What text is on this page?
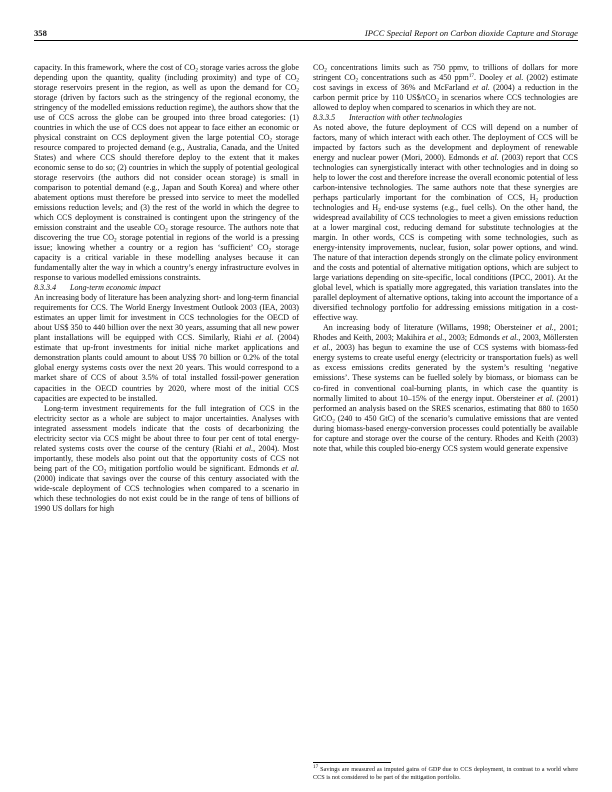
358	IPCC Special Report on Carbon dioxide Capture and Storage

capacity. In this framework, where the cost of $CO_2$ storage varies across the globe depending upon the quantity, quality (including proximity) and type of $CO_2$ storage reservoirs present in the region, as well as upon the demand for $CO_2$ storage (driven by factors such as the stringency of the regional economy, the stringency of the modelled emissions reduction regime), the authors show that the use of CCS across the globe can be grouped into three broad categories: (1) countries in which the use of CCS does not appear to face either an economic or physical constraint on CCS deployment given the large potential $CO_2$ storage resource compared to projected demand (e.g., Australia, Canada, and the United States) and where CCS should therefore deploy to the extent that it makes economic sense to do so; (2) countries in which the supply of potential geological storage reservoirs (the authors did not consider ocean storage) is small in comparison to potential demand (e.g., Japan and South Korea) and where other abatement options must therefore be pressed into service to meet the modelled emissions reduction levels; and (3) the rest of the world in which the degree to which CCS deployment is constrained is contingent upon the stringency of the emission constraint and the useable $CO_2$ storage resource. The authors note that discovering the true $CO_2$ storage potential in regions of the world is a pressing issue; knowing whether a country or a region has ‘sufficient’ $CO_2$ storage capacity is a critical variable in these modelling analyses because it can fundamentally alter the way in which a country’s energy infrastructure evolves in response to various modelled emissions constraints.

8.3.3.4 Long-term economic impact

An increasing body of literature has been analyzing short- and long-term financial requirements for CCS. The World Energy Investment Outlook 2003 (IEA, 2003) estimates an upper limit for investment in CCS technologies for the OECD of about US$ 350 to 440 billion over the next 30 years, assuming that all new power plant installations will be equipped with CCS. Similarly, Riahi et al. (2004) estimate that up-front investments for initial niche market applications and demonstration plants could amount to about US$ 70 billion or 0.2% of the total global energy systems costs over the next 20 years. This would correspond to a market share of CCS of about 3.5% of total installed fossil-power generation capacities in the OECD countries by 2020, where most of the initial CCS capacities are expected to be installed.

Long-term investment requirements for the full integration of CCS in the electricity sector as a whole are subject to major uncertainties. Analyses with integrated assessment models indicate that the costs of decarbonizing the electricity sector via CCS might be about three to four per cent of total energy-related systems costs over the course of the century (Riahi et al., 2004). Most importantly, these models also point out that the opportunity costs of CCS not being part of the $CO_2$ mitigation portfolio would be significant. Edmonds et al. (2000) indicate that savings over the course of this century associated with the wide-scale deployment of CCS technologies when compared to a scenario in which these technologies do not exist could be in the range of tens of billions of 1990 US dollars for high

$CO_2$ concentrations limits such as 750 ppmv, to trillions of dollars for more stringent $CO_2$ concentrations such as 450 ppm$^{17}$. Dooley et al. (2002) estimate cost savings in excess of 36% and McFarland et al. (2004) a reduction in the carbon permit price by 110 US$/tCO$_2$ in scenarios where CCS technologies are allowed to deploy when compared to scenarios in which they are not.

8.3.3.5 Interaction with other technologies

As noted above, the future deployment of CCS will depend on a number of factors, many of which interact with each other. The deployment of CCS will be impacted by factors such as the development and deployment of renewable energy and nuclear power (Mori, 2000). Edmonds et al. (2003) report that CCS technologies can synergistically interact with other technologies and in doing so help to lower the cost and therefore increase the overall economic potential of less carbon-intensive technologies. The same authors note that these synergies are perhaps particularly important for the combination of CCS, $H_2$ production technologies and $H_2$ end-use systems (e.g., fuel cells). On the other hand, the widespread availability of CCS technologies to meet a given emissions reduction at a lower marginal cost, reducing demand for substitute technologies at the margin. In other words, CCS is competing with some technologies, such as energy-intensity improvements, nuclear, fusion, solar power options, and wind. The nature of that interaction depends strongly on the climate policy environment and the costs and potential of alternative mitigation options, which are subject to large variations depending on site-specific, local conditions (IPCC, 2001). At the global level, which is spatially more aggregated, this variation translates into the parallel deployment of alternative options, taking into account the importance of a diversified technology portfolio for addressing emissions mitigation in a cost-effective way.

An increasing body of literature (Willams, 1998; Obersteiner et al., 2001; Rhodes and Keith, 2003; Makihira et al., 2003; Edmonds et al., 2003, Möllersten et al., 2003) has begun to examine the use of CCS systems with biomass-fed energy systems to create useful energy (electricity or transportation fuels) as well as excess emissions credits generated by the system’s resulting ‘negative emissions’. These systems can be fuelled solely by biomass, or biomass can be co-fired in conventional coal-burning plants, in which case the quantity is normally limited to about 10–15% of the energy input. Obersteiner et al. (2001) performed an analysis based on the SRES scenarios, estimating that 880 to 1650 GtCO$_2$ (240 to 450 GtC) of the scenario’s cumulative emissions that are vented during biomass-based energy-conversion processes could potentially be available for capture and storage over the course of the century. Rhodes and Keith (2003) note that, while this coupled bio-energy CCS system would generate expensive

$^{17}$ Savings are measured as imputed gains of GDP due to CCS deployment, in contrast to a world where CCS is not considered to be part of the mitigation portfolio.
